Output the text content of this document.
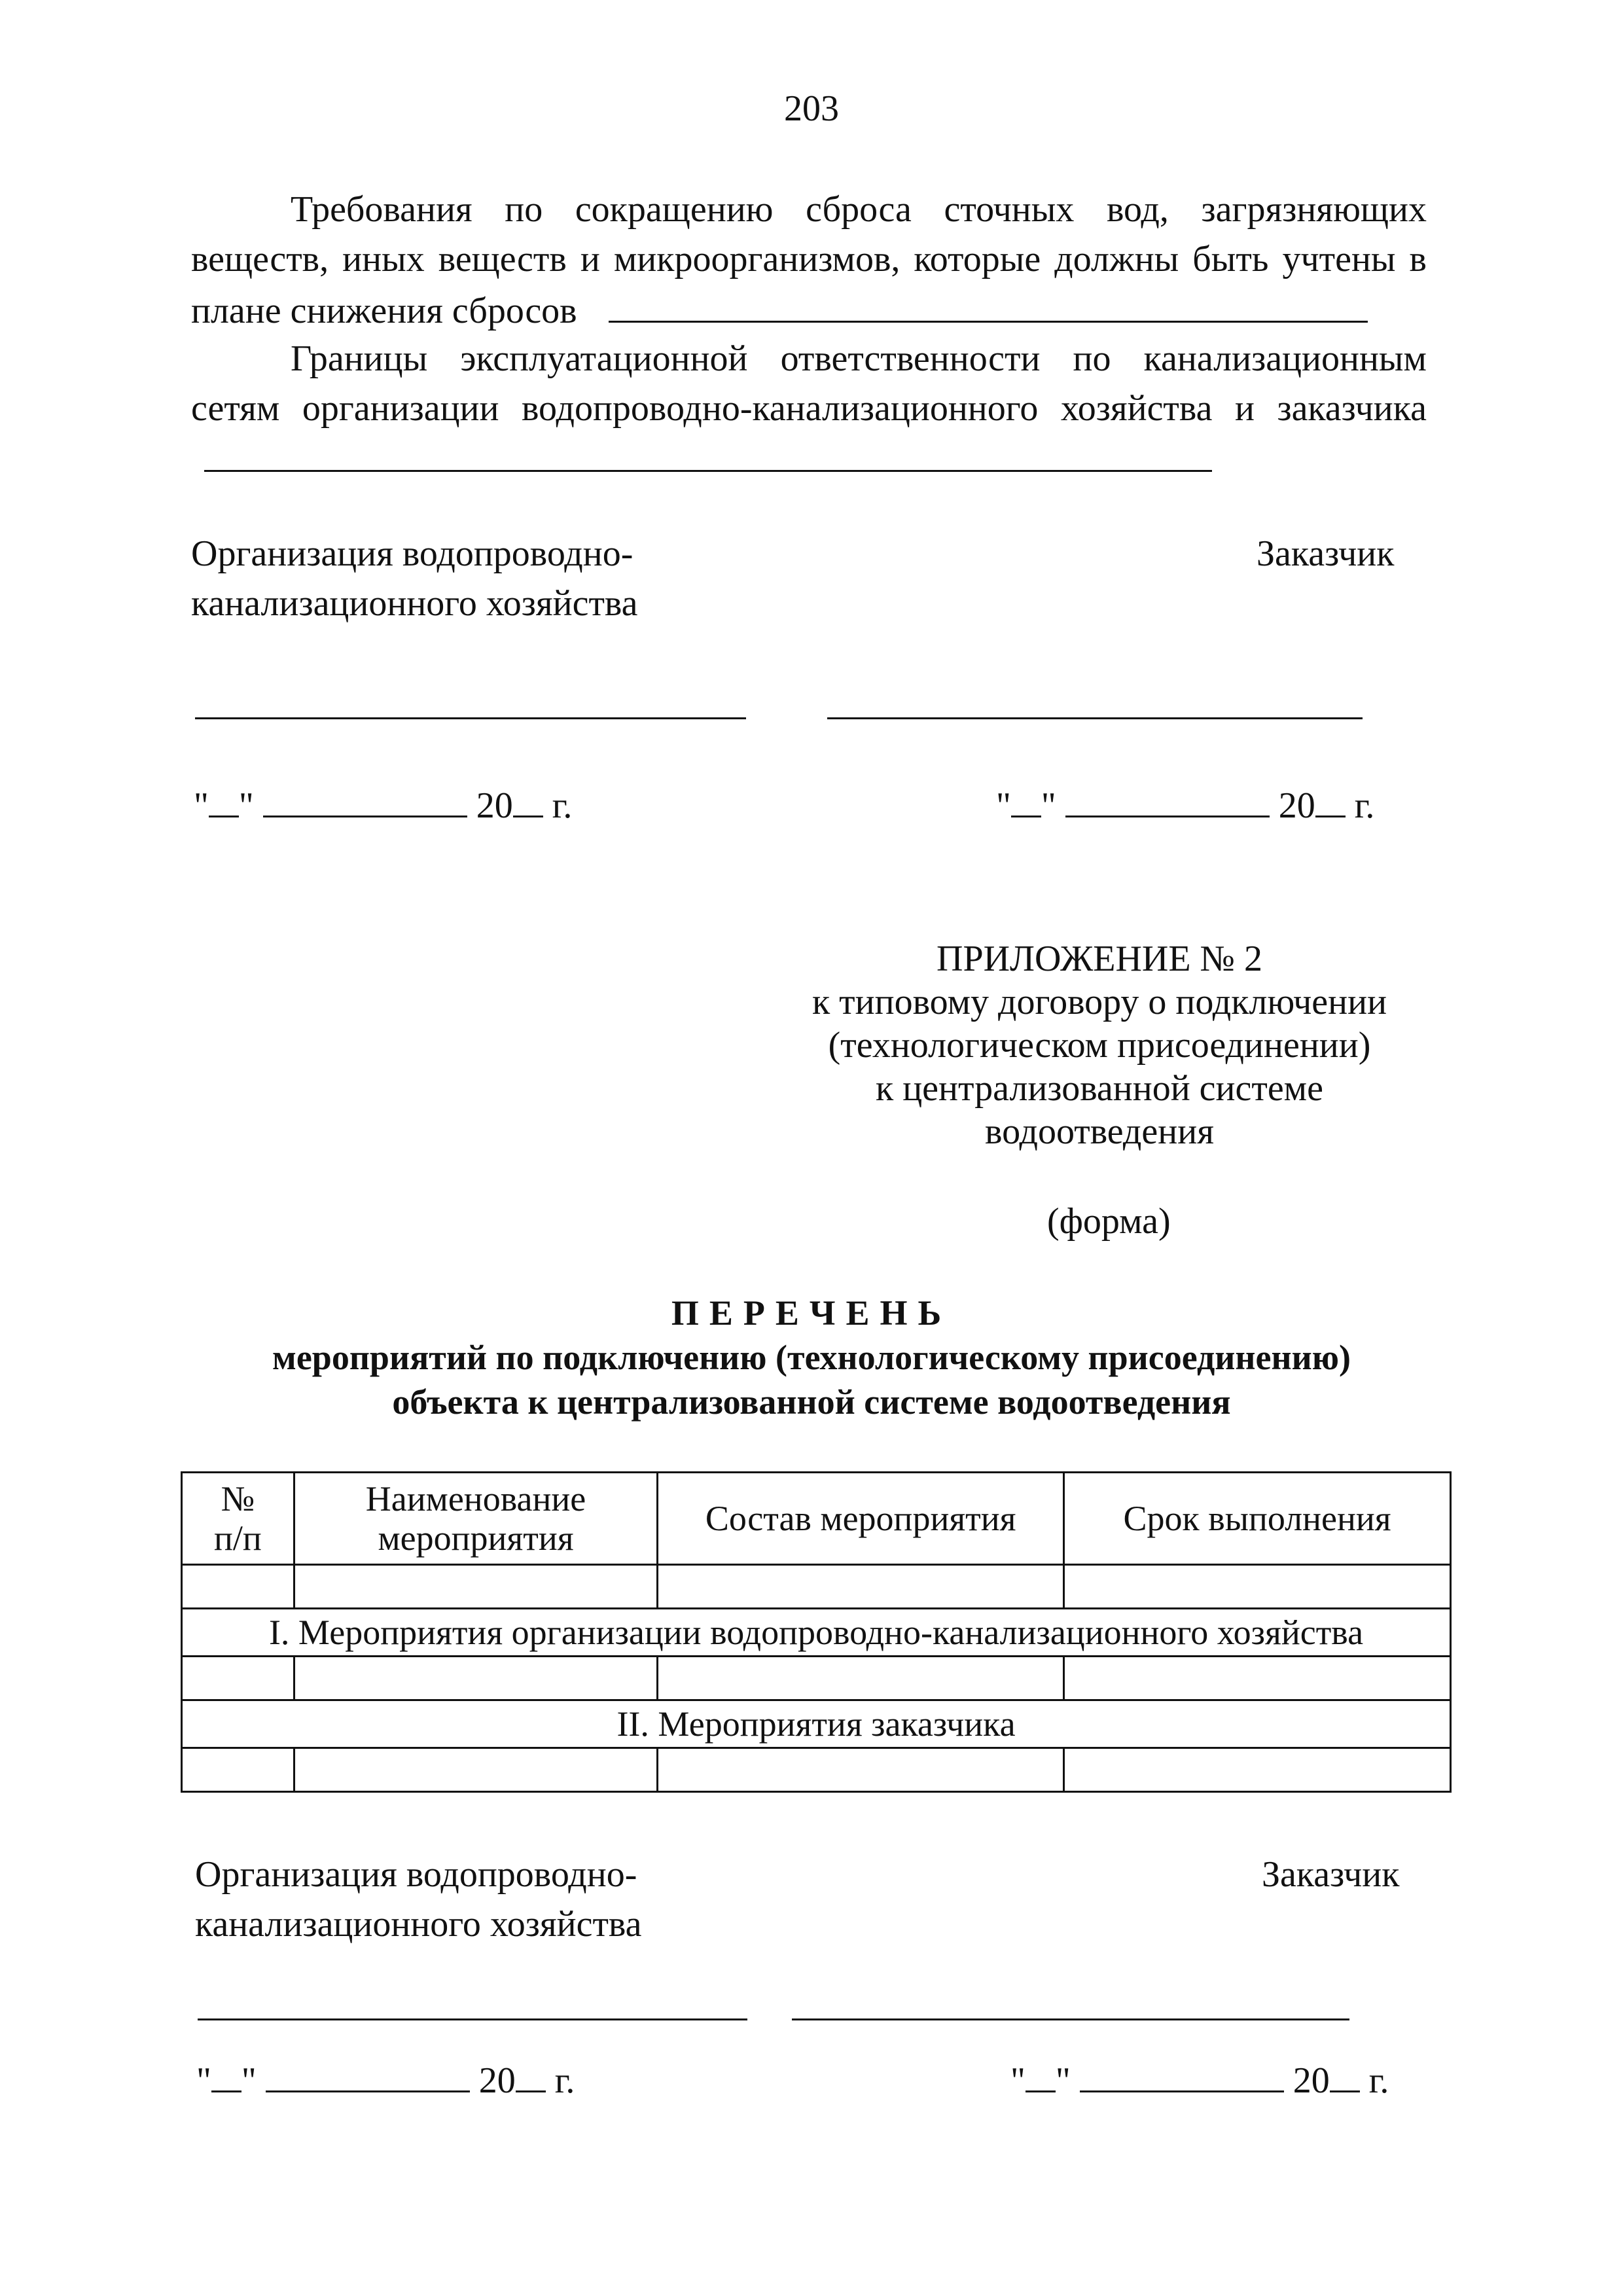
203
Требования по сокращению сброса сточных вод, загрязняющих веществ, иных веществ и микроорганизмов, которые должны быть учтены в плане снижения сбросов
Границы эксплуатационной ответственности по канализационным сетям организации водопроводно-канализационного хозяйства и заказчика
Организация водопроводно-
канализационного хозяйства
Заказчик
" "	20 г.	" "	20 г.
ПРИЛОЖЕНИЕ № 2
к типовому договору о подключении
(технологическом присоединении)
к централизованной системе
водоотведения
(форма)
ПЕРЕЧЕНЬ
мероприятий по подключению (технологическому присоединению)
объекта к централизованной системе водоотведения
№ п/п	Наименование мероприятия	Состав мероприятия	Срок выполнения

I. Мероприятия организации водопроводно-канализационного хозяйства			

II. Мероприятия заказчика			

Организация водопроводно-
канализационного хозяйства
Заказчик
" "	20 г.	" "	20 г.
